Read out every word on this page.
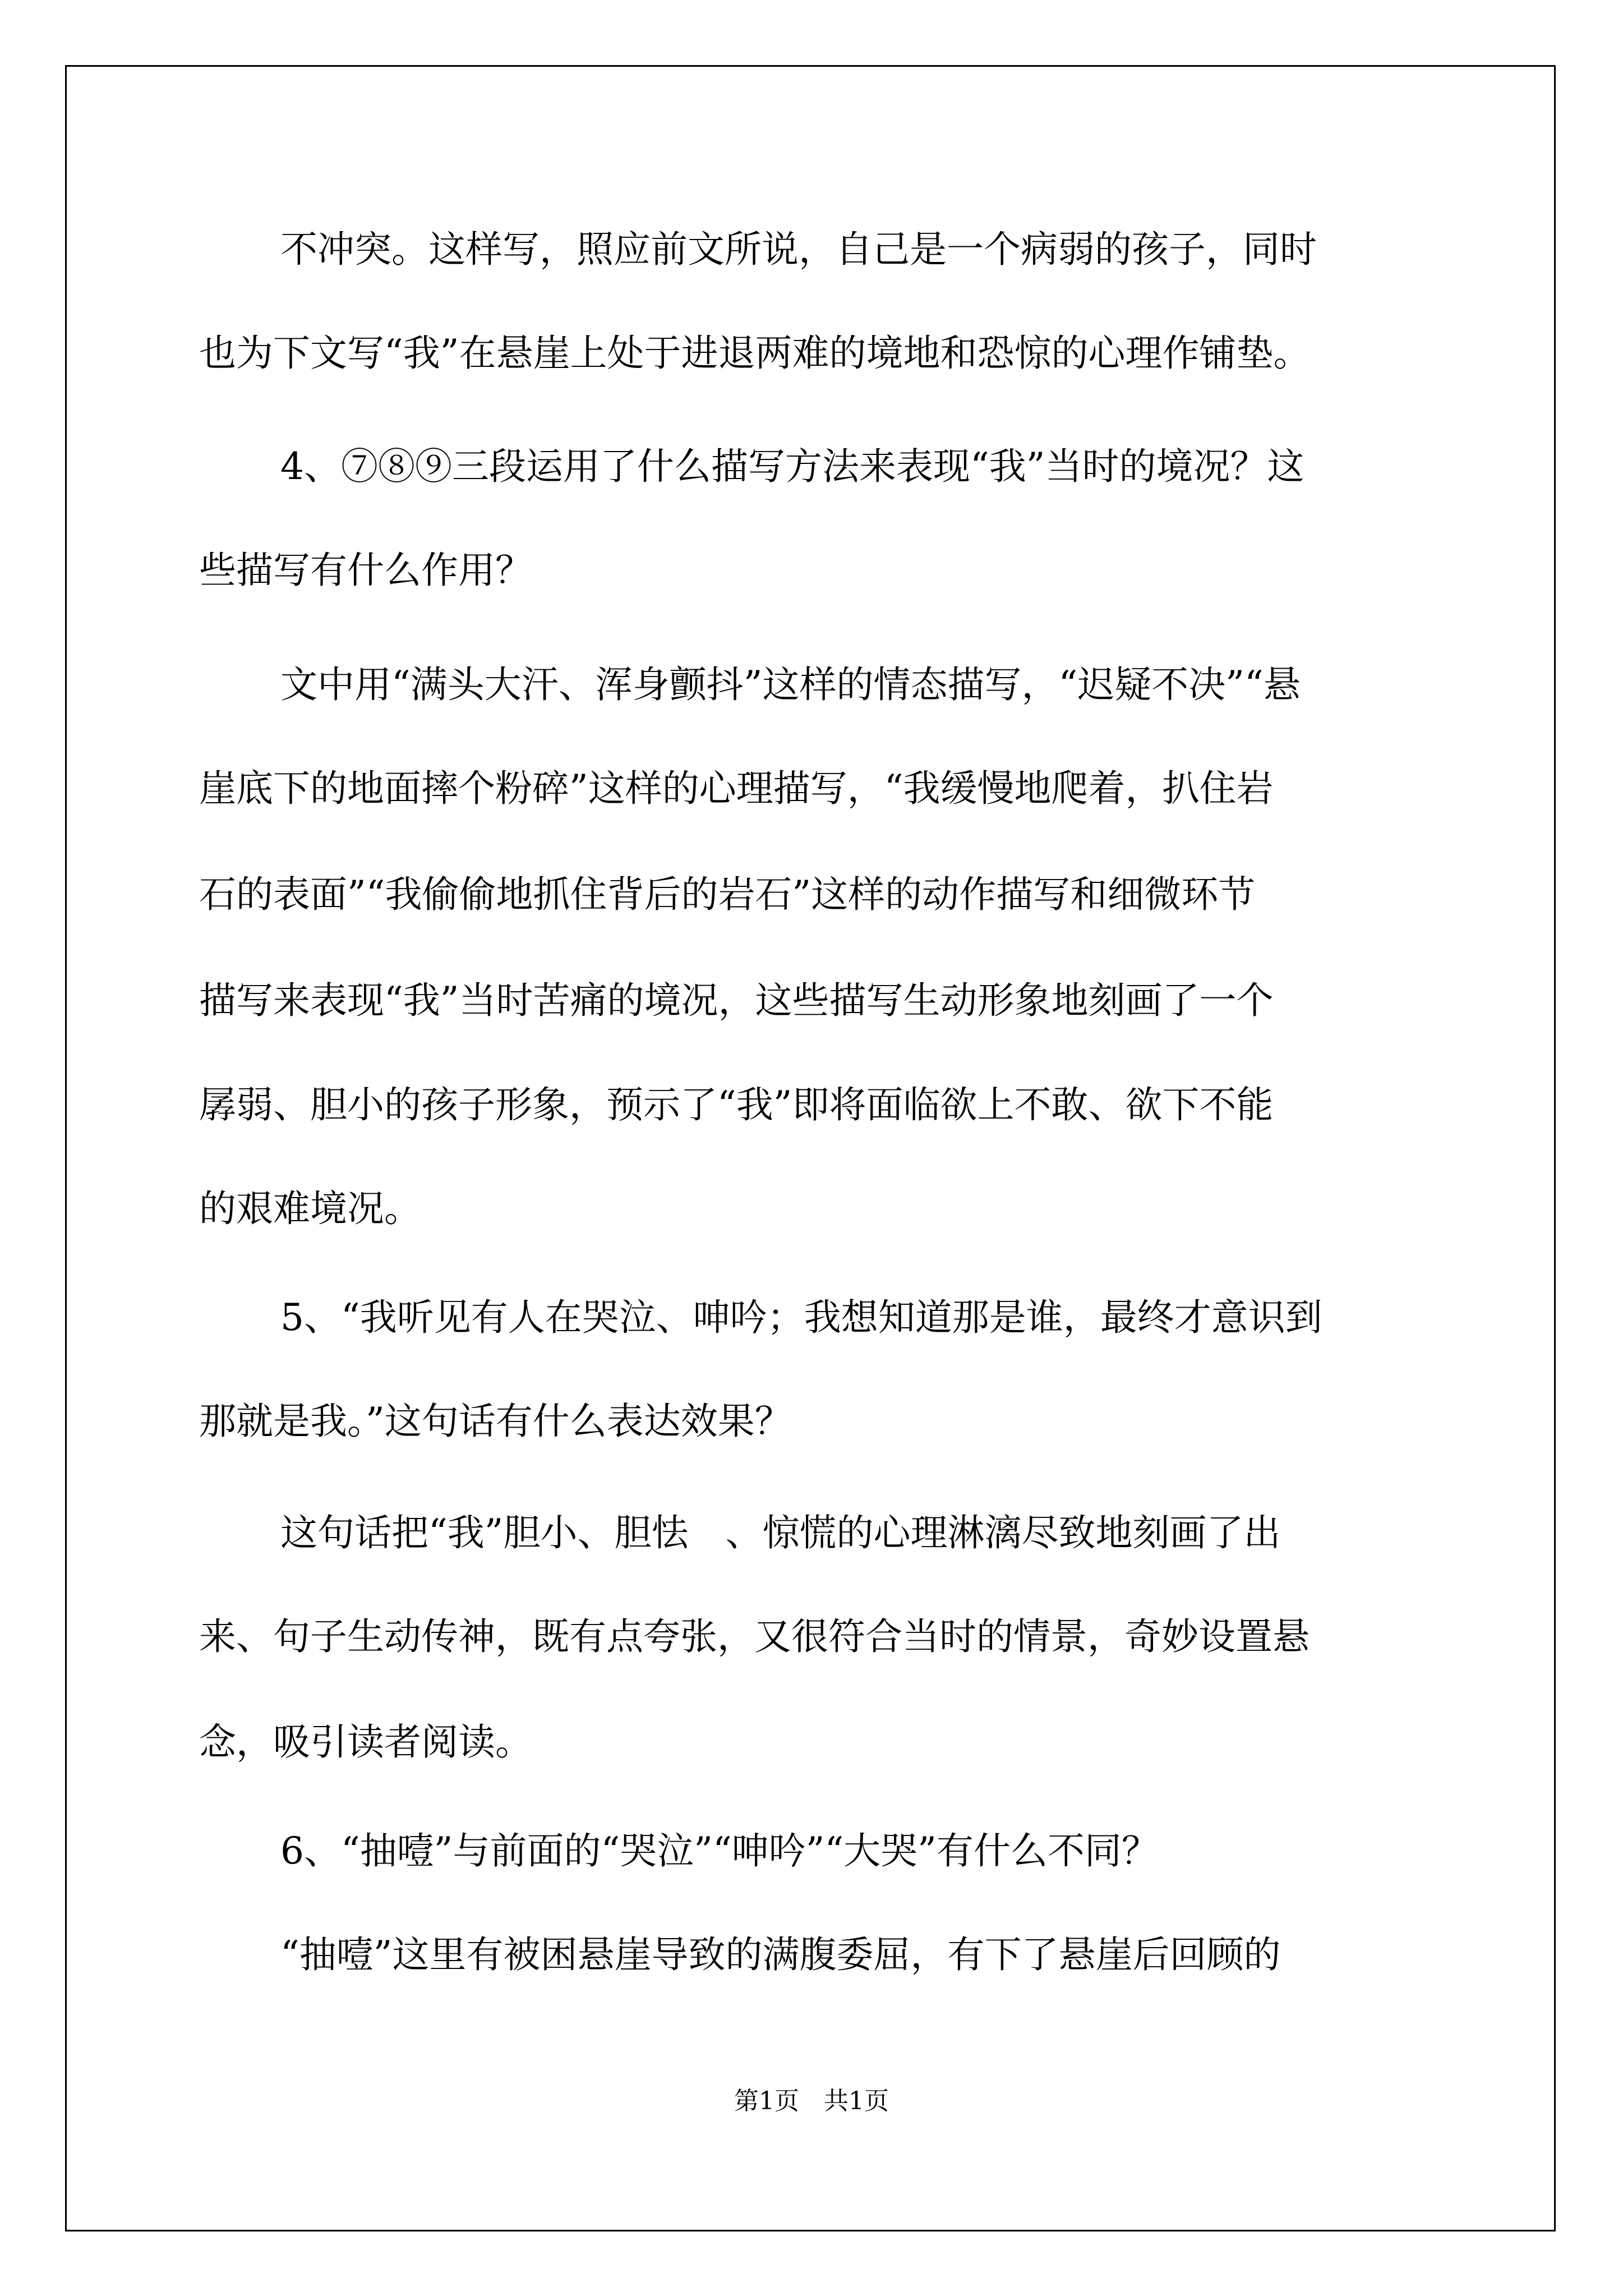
不冲突。这样写，照应前文所说，自己是一个病弱的孩子，同时
也为下文写“我”在悬崖上处于进退两难的境地和恐惊的心理作铺垫。
4、⑦⑧⑨三段运用了什么描写方法来表现“我”当时的境况？这
些描写有什么作用？
文中用“满头大汗、浑身颤抖”这样的情态描写，“迟疑不决”“悬
崖底下的地面摔个粉碎”这样的心理描写，“我缓慢地爬着，扒住岩
石的表面”“我偷偷地抓住背后的岩石”这样的动作描写和细微环节
描写来表现“我”当时苦痛的境况，这些描写生动形象地刻画了一个
孱弱、胆小的孩子形象，预示了“我”即将面临欲上不敢、欲下不能
的艰难境况。
5、“我听见有人在哭泣、呻吟；我想知道那是谁，最终才意识到
那就是我。”这句话有什么表达效果？
这句话把“我”胆小、胆怯　、惊慌的心理淋漓尽致地刻画了出
来、句子生动传神，既有点夸张，又很符合当时的情景，奇妙设置悬
念，吸引读者阅读。
6、“抽噎”与前面的“哭泣”“呻吟”“大哭”有什么不同？
“抽噎”这里有被困悬崖导致的满腹委屈，有下了悬崖后回顾的
第1页　共1页
